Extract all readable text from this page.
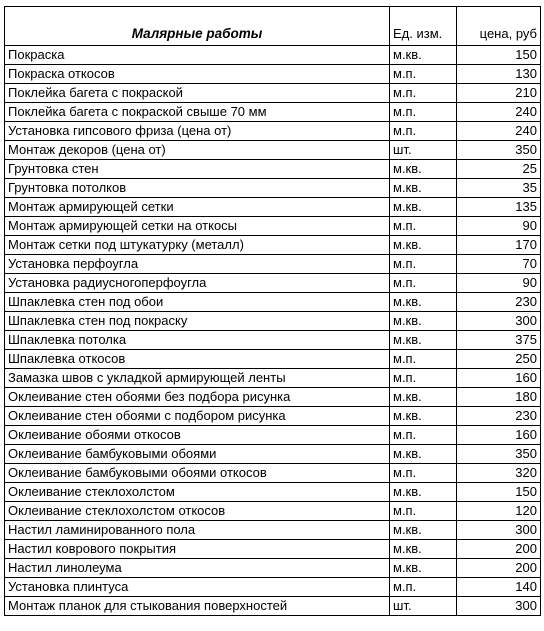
Малярные работы	Ед. изм.	цена, руб
Покраска	м.кв.	150
Покраска откосов	м.п.	130
Поклейка багета с покраской	м.п.	210
Поклейка багета с покраской свыше 70 мм	м.п.	240
Установка гипсового фриза (цена от)	м.п.	240
Монтаж декоров (цена от)	шт.	350
Грунтовка стен	м.кв.	25
Грунтовка потолков	м.кв.	35
Монтаж армирующей сетки	м.кв.	135
Монтаж армирующей сетки на откосы	м.п.	90
Монтаж сетки под штукатурку (металл)	м.кв.	170
Установка перфоугла	м.п.	70
Установка радиусногоперфоугла	м.п.	90
Шпаклевка стен под обои	м.кв.	230
Шпаклевка стен под покраску	м.кв.	300
Шпаклевка потолка	м.кв.	375
Шпаклевка откосов	м.п.	250
Замазка швов с укладкой армирующей ленты	м.п.	160
Оклеивание стен обоями без подбора рисунка	м.кв.	180
Оклеивание стен обоями с подбором рисунка	м.кв.	230
Оклеивание обоями откосов	м.п.	160
Оклеивание бамбуковыми обоями	м.кв.	350
Оклеивание бамбуковыми обоями откосов	м.п.	320
Оклеивание стеклохолстом	м.кв.	150
Оклеивание стеклохолстом откосов	м.п.	120
Настил ламинированного пола	м.кв.	300
Настил коврового покрытия	м.кв.	200
Настил линолеума	м.кв.	200
Установка плинтуса	м.п.	140
Монтаж планок для стыкования поверхностей	шт.	300
